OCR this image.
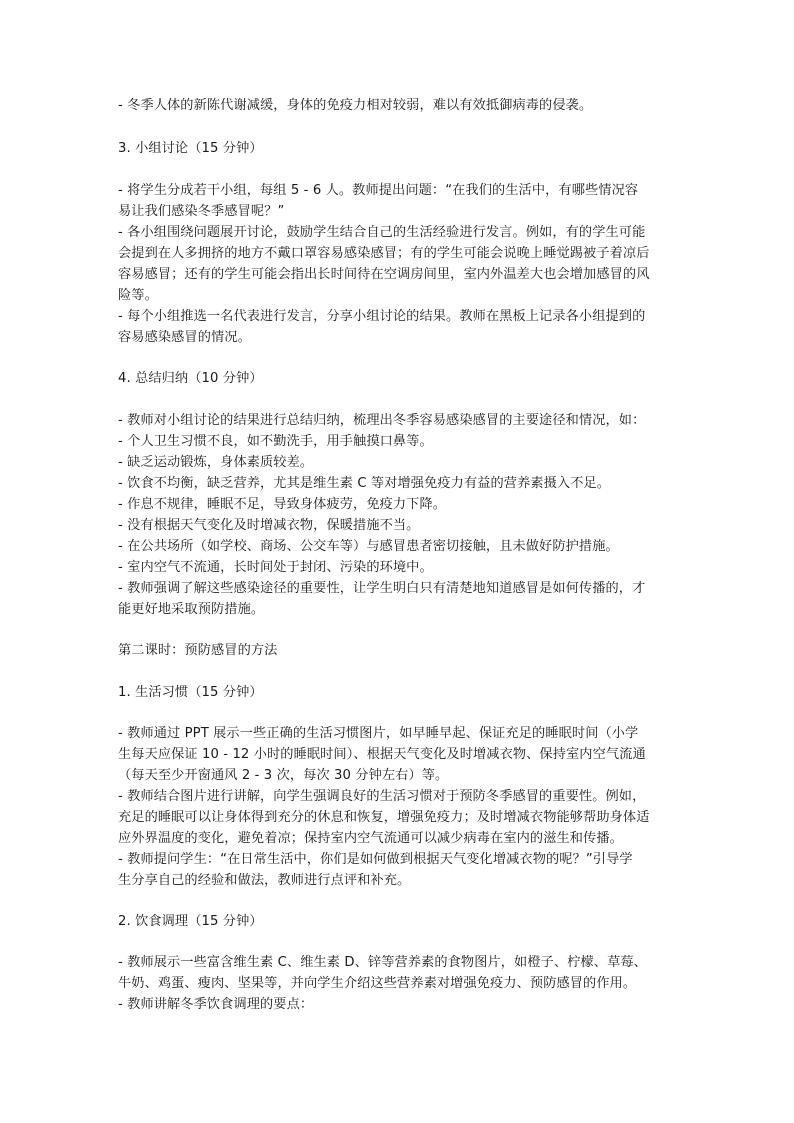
- 冬季人体的新陈代谢减缓，身体的免疫力相对较弱，难以有效抵御病毒的侵袭。
3. 小组讨论（15 分钟）
- 将学生分成若干小组，每组 5 - 6 人。教师提出问题：“在我们的生活中，有哪些情况容
易让我们感染冬季感冒呢？”
- 各小组围绕问题展开讨论，鼓励学生结合自己的生活经验进行发言。例如，有的学生可能
会提到在人多拥挤的地方不戴口罩容易感染感冒；有的学生可能会说晚上睡觉踢被子着凉后
容易感冒；还有的学生可能会指出长时间待在空调房间里，室内外温差大也会增加感冒的风
险等。
- 每个小组推选一名代表进行发言，分享小组讨论的结果。教师在黑板上记录各小组提到的
容易感染感冒的情况。
4. 总结归纳（10 分钟）
- 教师对小组讨论的结果进行总结归纳，梳理出冬季容易感染感冒的主要途径和情况，如：
- 个人卫生习惯不良，如不勤洗手，用手触摸口鼻等。
- 缺乏运动锻炼，身体素质较差。
- 饮食不均衡，缺乏营养，尤其是维生素 C 等对增强免疫力有益的营养素摄入不足。
- 作息不规律，睡眠不足，导致身体疲劳，免疫力下降。
- 没有根据天气变化及时增减衣物，保暖措施不当。
- 在公共场所（如学校、商场、公交车等）与感冒患者密切接触，且未做好防护措施。
- 室内空气不流通，长时间处于封闭、污染的环境中。
- 教师强调了解这些感染途径的重要性，让学生明白只有清楚地知道感冒是如何传播的，才
能更好地采取预防措施。
第二课时：预防感冒的方法
1. 生活习惯（15 分钟）
- 教师通过 PPT 展示一些正确的生活习惯图片，如早睡早起、保证充足的睡眠时间（小学
生每天应保证 10 - 12 小时的睡眠时间）、根据天气变化及时增减衣物、保持室内空气流通
（每天至少开窗通风 2 - 3 次，每次 30 分钟左右）等。
- 教师结合图片进行讲解，向学生强调良好的生活习惯对于预防冬季感冒的重要性。例如，
充足的睡眠可以让身体得到充分的休息和恢复，增强免疫力；及时增减衣物能够帮助身体适
应外界温度的变化，避免着凉；保持室内空气流通可以减少病毒在室内的滋生和传播。
- 教师提问学生：“在日常生活中，你们是如何做到根据天气变化增减衣物的呢？”引导学
生分享自己的经验和做法，教师进行点评和补充。
2. 饮食调理（15 分钟）
- 教师展示一些富含维生素 C、维生素 D、锌等营养素的食物图片，如橙子、柠檬、草莓、
牛奶、鸡蛋、瘦肉、坚果等，并向学生介绍这些营养素对增强免疫力、预防感冒的作用。
- 教师讲解冬季饮食调理的要点：
